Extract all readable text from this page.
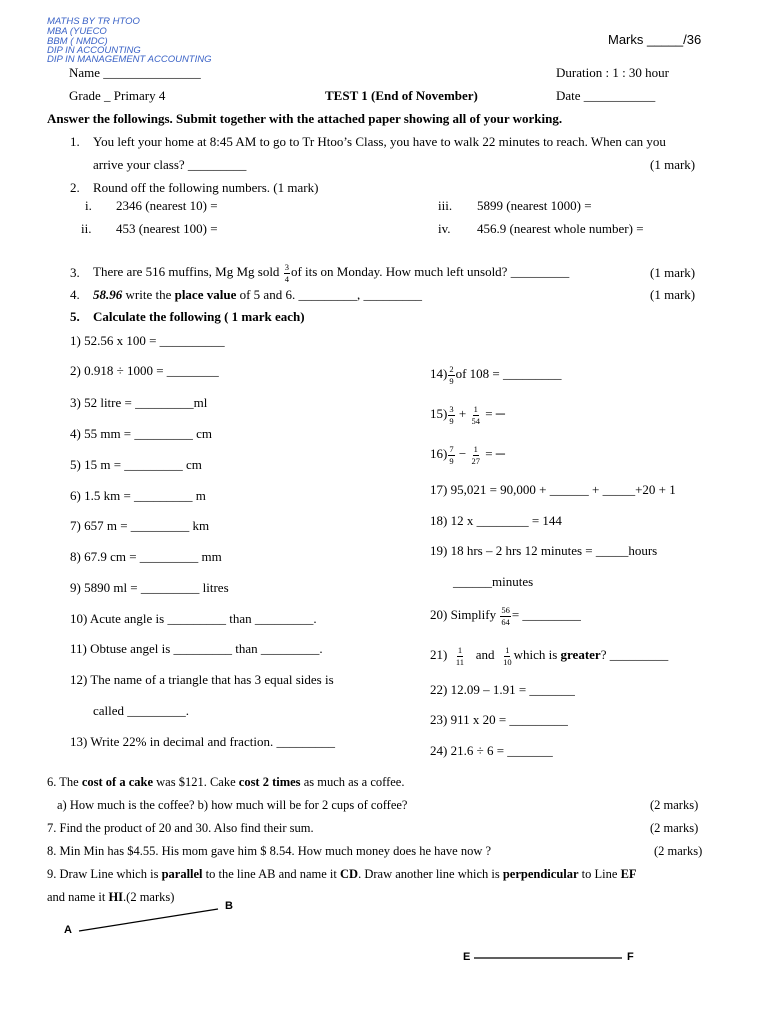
MATHS BY TR HTOO
MBA (YUECO
BBM ( NMDC)
DIP IN ACCOUNTING
DIP IN MANAGEMENT ACCOUNTING
Marks _____/36
Name _______________	Duration : 1 : 30 hour
Grade _ Primary 4	TEST 1 (End of November)	Date ___________
Answer the followings. Submit together with the attached paper showing all of your working.
1. You left your home at 8:45 AM to go to Tr Htoo’s Class, you have to walk 22 minutes to reach. When can you
arrive your class? _________	(1 mark)
2. Round off the following numbers. (1 mark)
i. 2346 (nearest 10) =
ii. 453 (nearest 100) =
iii. 5899 (nearest 1000) =
iv. 456.9 (nearest whole number) =
3. There are 516 muffins, Mg Mg sold $\frac{3}{4}$ of its on Monday. How much left unsold? _________	(1 mark)
4. 58.96 write the place value of 5 and 6. _________, _________	(1 mark)
5. Calculate the following ( 1 mark each)
1) 52.56 x 100 = __________
2) 0.918 ÷ 1000 = ________
3) 52 litre = _________ml
4) 55 mm = _________ cm
5) 15 m = _________ cm
6) 1.5 km = _________ m
7) 657 m = _________ km
8) 67.9 cm = _________ mm
9) 5890 ml = _________ litres
10) Acute angle is _________ than _________.
11) Obtuse angel is _________ than _________.
12) The name of a triangle that has 3 equal sides is
called _________.
13) Write 22% in decimal and fraction. _________
$14) \frac{2}{9}$ of 108 = _________
$15) \frac{3}{9} + \frac{1}{54}$ = ─
$16) \frac{7}{9} - \frac{1}{27}$ = ─
17) 95,021 = 90,000 + ______ + _____+20 + 1
18) 12 x ________ = 144
19) 18 hrs – 2 hrs 12 minutes = _____hours
______minutes
20) Simplify $\frac{56}{64}$ = _________
$21) \frac{1}{11}$ and $\frac{1}{10}$ which is greater? _________
22) 12.09 – 1.91 = _______
23) 911 x 20 = _________
24) 21.6 ÷ 6 = _______
6. The cost of a cake was $121. Cake cost 2 times as much as a coffee.
a) How much is the coffee? b) how much will be for 2 cups of coffee?	(2 marks)
7. Find the product of 20 and 30. Also find their sum.	(2 marks)
8. Min Min has $4.55. His mom gave him $ 8.54. How much money does he have now ?	(2 marks)
9. Draw Line which is parallel to the line AB and name it CD. Draw another line which is perpendicular to Line EF
and name it HI.(2 marks)
A
B
E	F
